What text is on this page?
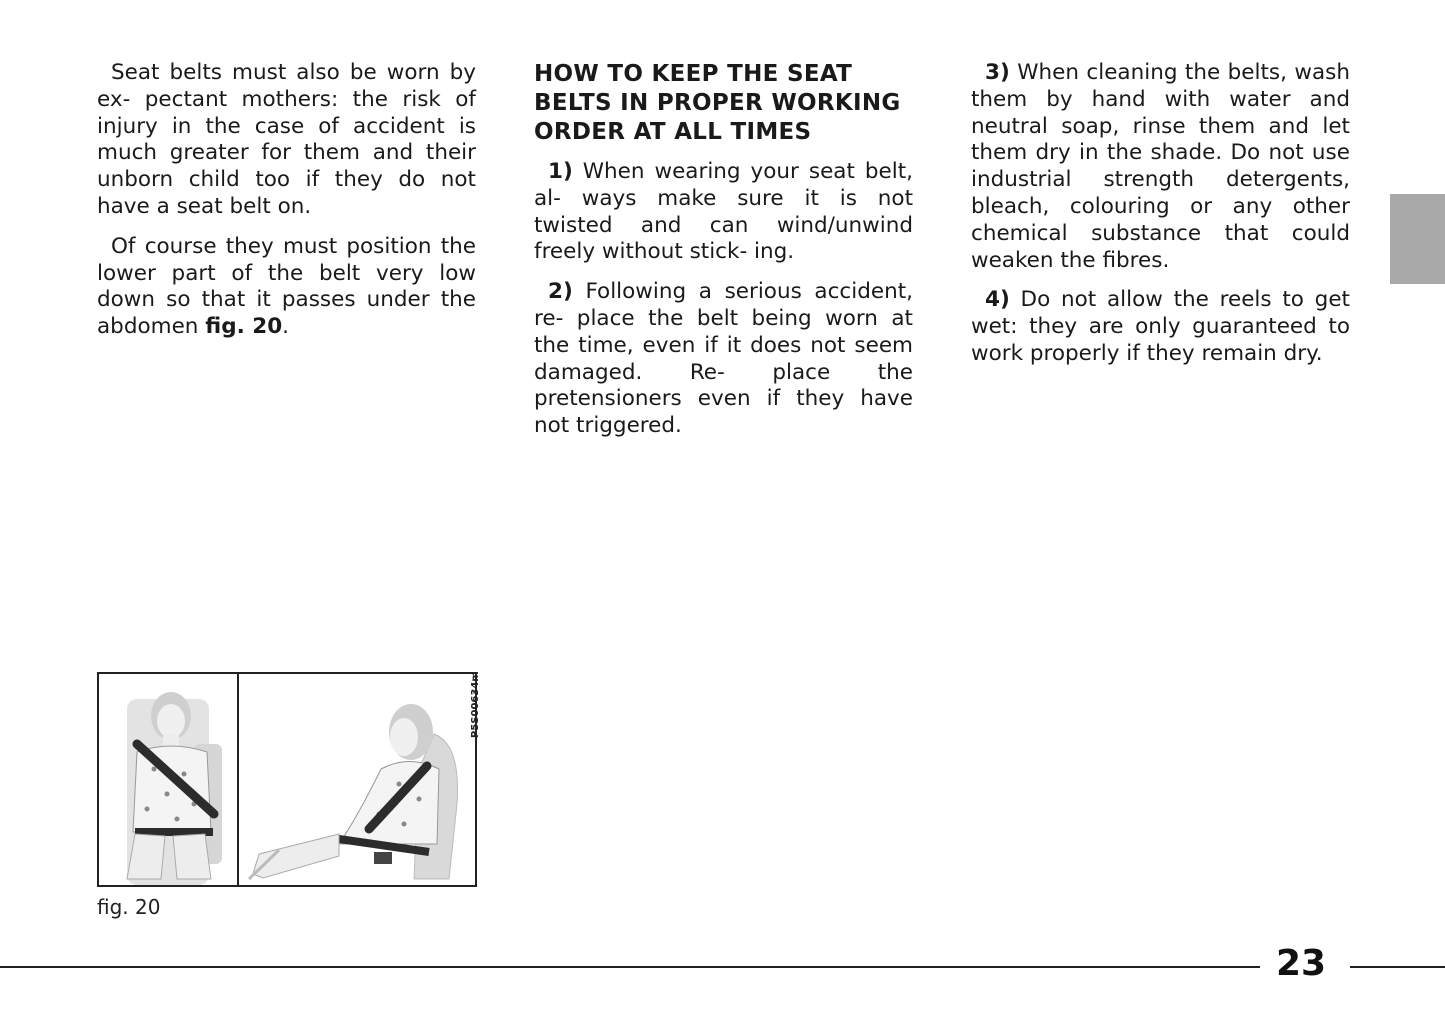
Seat belts must also be worn by ex- pectant mothers: the risk of injury in the case of accident is much greater for them and their unborn child too if they do not have a seat belt on.

Of course they must position the lower part of the belt very low down so that it passes under the abdomen fig. 20.

HOW TO KEEP THE SEAT BELTS IN PROPER WORKING ORDER AT ALL TIMES

1) When wearing your seat belt, al- ways make sure it is not twisted and can wind/unwind freely without stick- ing.

2) Following a serious accident, re- place the belt being worn at the time, even if it does not seem damaged. Re- place the pretensioners even if they have not triggered.

3) When cleaning the belts, wash them by hand with water and neutral soap, rinse them and let them dry in the shade. Do not use industrial strength detergents, bleach, colouring or any other chemical substance that could weaken the fibres.

4) Do not allow the reels to get wet: they are only guaranteed to work properly if they remain dry.

P5S00634m
fig. 20
23
